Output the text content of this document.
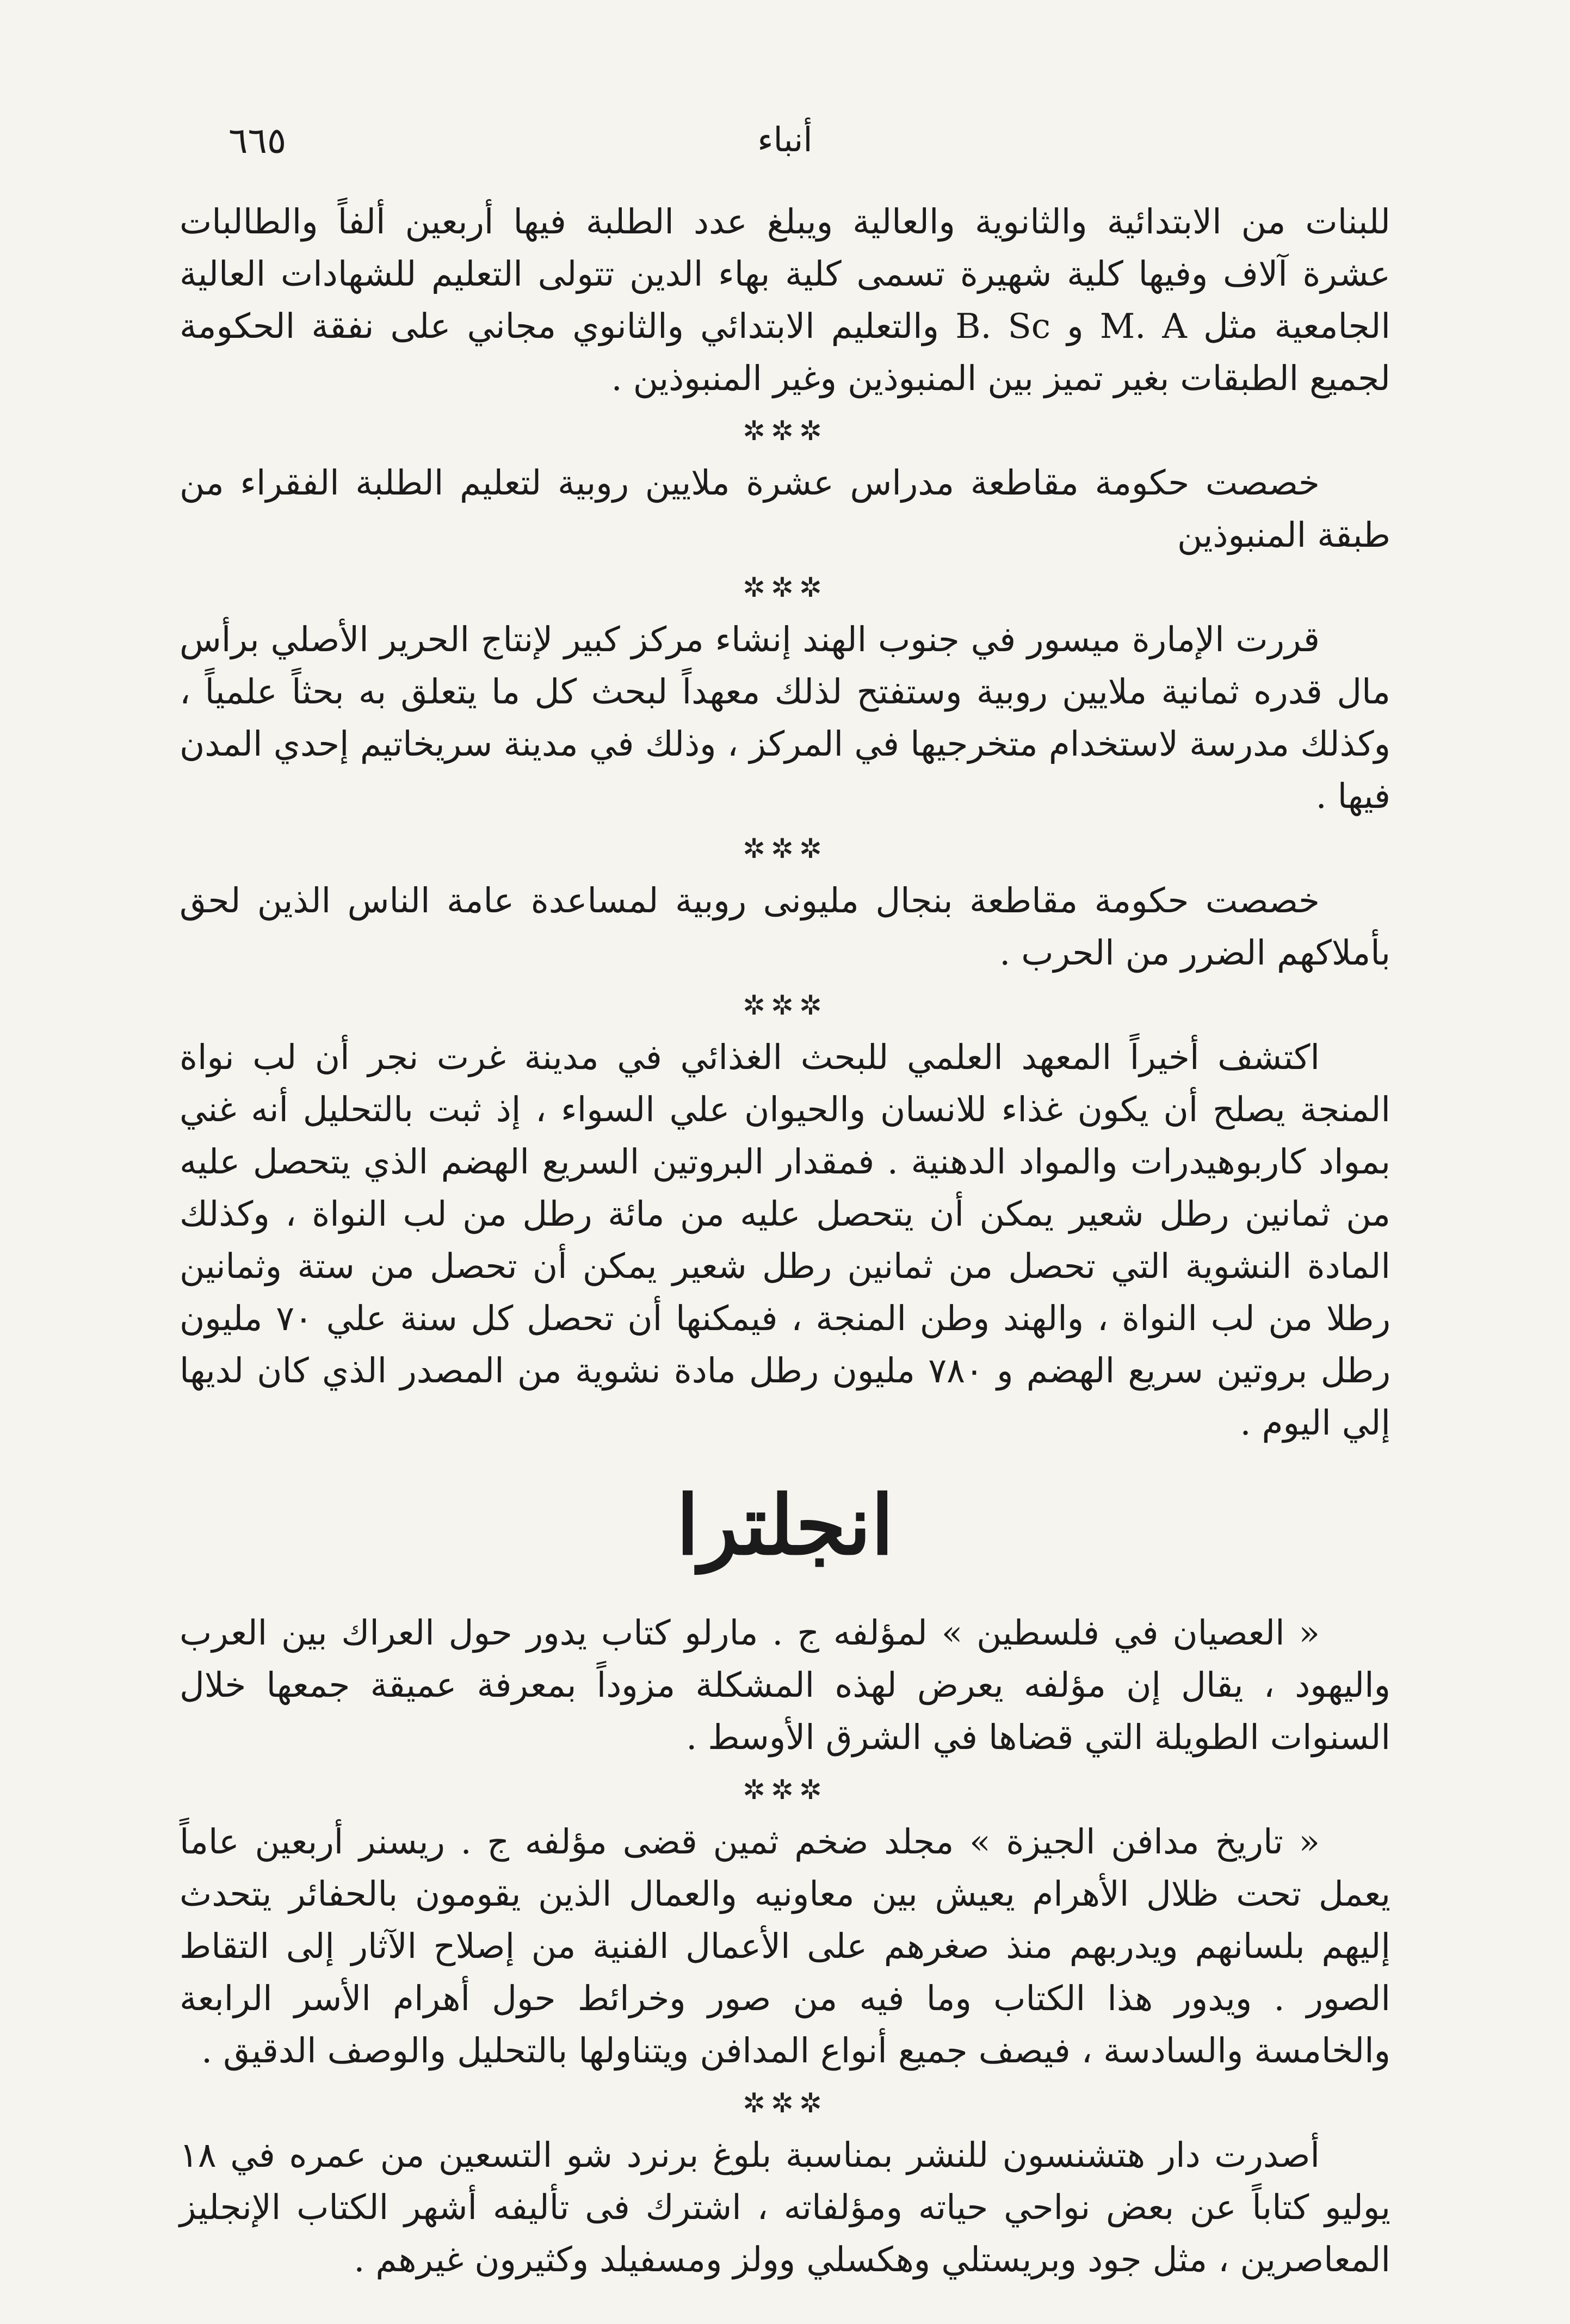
أنباء
٦٦٥

للبنات من الابتدائية والثانوية والعالية ويبلغ عدد الطلبة فيها أربعين ألفاً والطالبات عشرة آلاف وفيها كلية شهيرة تسمى كلية بهاء الدين تتولى التعليم للشهادات العالية الجامعية مثل M. A و B. Sc والتعليم الابتدائي والثانوي مجاني على نفقة الحكومة لجميع الطبقات بغير تميز بين المنبوذين وغير المنبوذين .

✲✲✲

خصصت حكومة مقاطعة مدراس عشرة ملايين روبية لتعليم الطلبة الفقراء من طبقة المنبوذين

✲✲✲

قررت الإمارة ميسور في جنوب الهند إنشاء مركز كبير لإنتاج الحرير الأصلي برأس مال قدره ثمانية ملايين روبية وستفتح لذلك معهداً لبحث كل ما يتعلق به بحثاً علمياً ، وكذلك مدرسة لاستخدام متخرجيها في المركز ، وذلك في مدينة سريخاتيم إحدي المدن فيها .

✲✲✲

خصصت حكومة مقاطعة بنجال مليونى روبية لمساعدة عامة الناس الذين لحق بأملاكهم الضرر من الحرب .

✲✲✲

اكتشف أخيراً المعهد العلمي للبحث الغذائي في مدينة غرت نجر أن لب نواة المنجة يصلح أن يكون غذاء للانسان والحيوان علي السواء ، إذ ثبت بالتحليل أنه غني بمواد كاربوهيدرات والمواد الدهنية . فمقدار البروتين السريع الهضم الذي يتحصل عليه من ثمانين رطل شعير يمكن أن يتحصل عليه من مائة رطل من لب النواة ، وكذلك المادة النشوية التي تحصل من ثمانين رطل شعير يمكن أن تحصل من ستة وثمانين رطلا من لب النواة ، والهند وطن المنجة ، فيمكنها أن تحصل كل سنة علي ٧٠ مليون رطل بروتين سريع الهضم و ٧٨٠ مليون رطل مادة نشوية من المصدر الذي كان لديها إلي اليوم .

انجلترا

« العصيان في فلسطين » لمؤلفه ج . مارلو كتاب يدور حول العراك بين العرب واليهود ، يقال إن مؤلفه يعرض لهذه المشكلة مزوداً بمعرفة عميقة جمعها خلال السنوات الطويلة التي قضاها في الشرق الأوسط .

✲✲✲

« تاريخ مدافن الجيزة » مجلد ضخم ثمين قضى مؤلفه ج . ريسنر أربعين عاماً يعمل تحت ظلال الأهرام يعيش بين معاونيه والعمال الذين يقومون بالحفائر يتحدث إليهم بلسانهم ويدربهم منذ صغرهم على الأعمال الفنية من إصلاح الآثار إلى التقاط الصور . ويدور هذا الكتاب وما فيه من صور وخرائط حول أهرام الأسر الرابعة والخامسة والسادسة ، فيصف جميع أنواع المدافن ويتناولها بالتحليل والوصف الدقيق .

✲✲✲

أصدرت دار هتشنسون للنشر بمناسبة بلوغ برنرد شو التسعين من عمره في ١٨ يوليو كتاباً عن بعض نواحي حياته ومؤلفاته ، اشترك فى تأليفه أشهر الكتاب الإنجليز المعاصرين ، مثل جود وبريستلي وهكسلي وولز ومسفيلد وكثيرون غيرهم .
